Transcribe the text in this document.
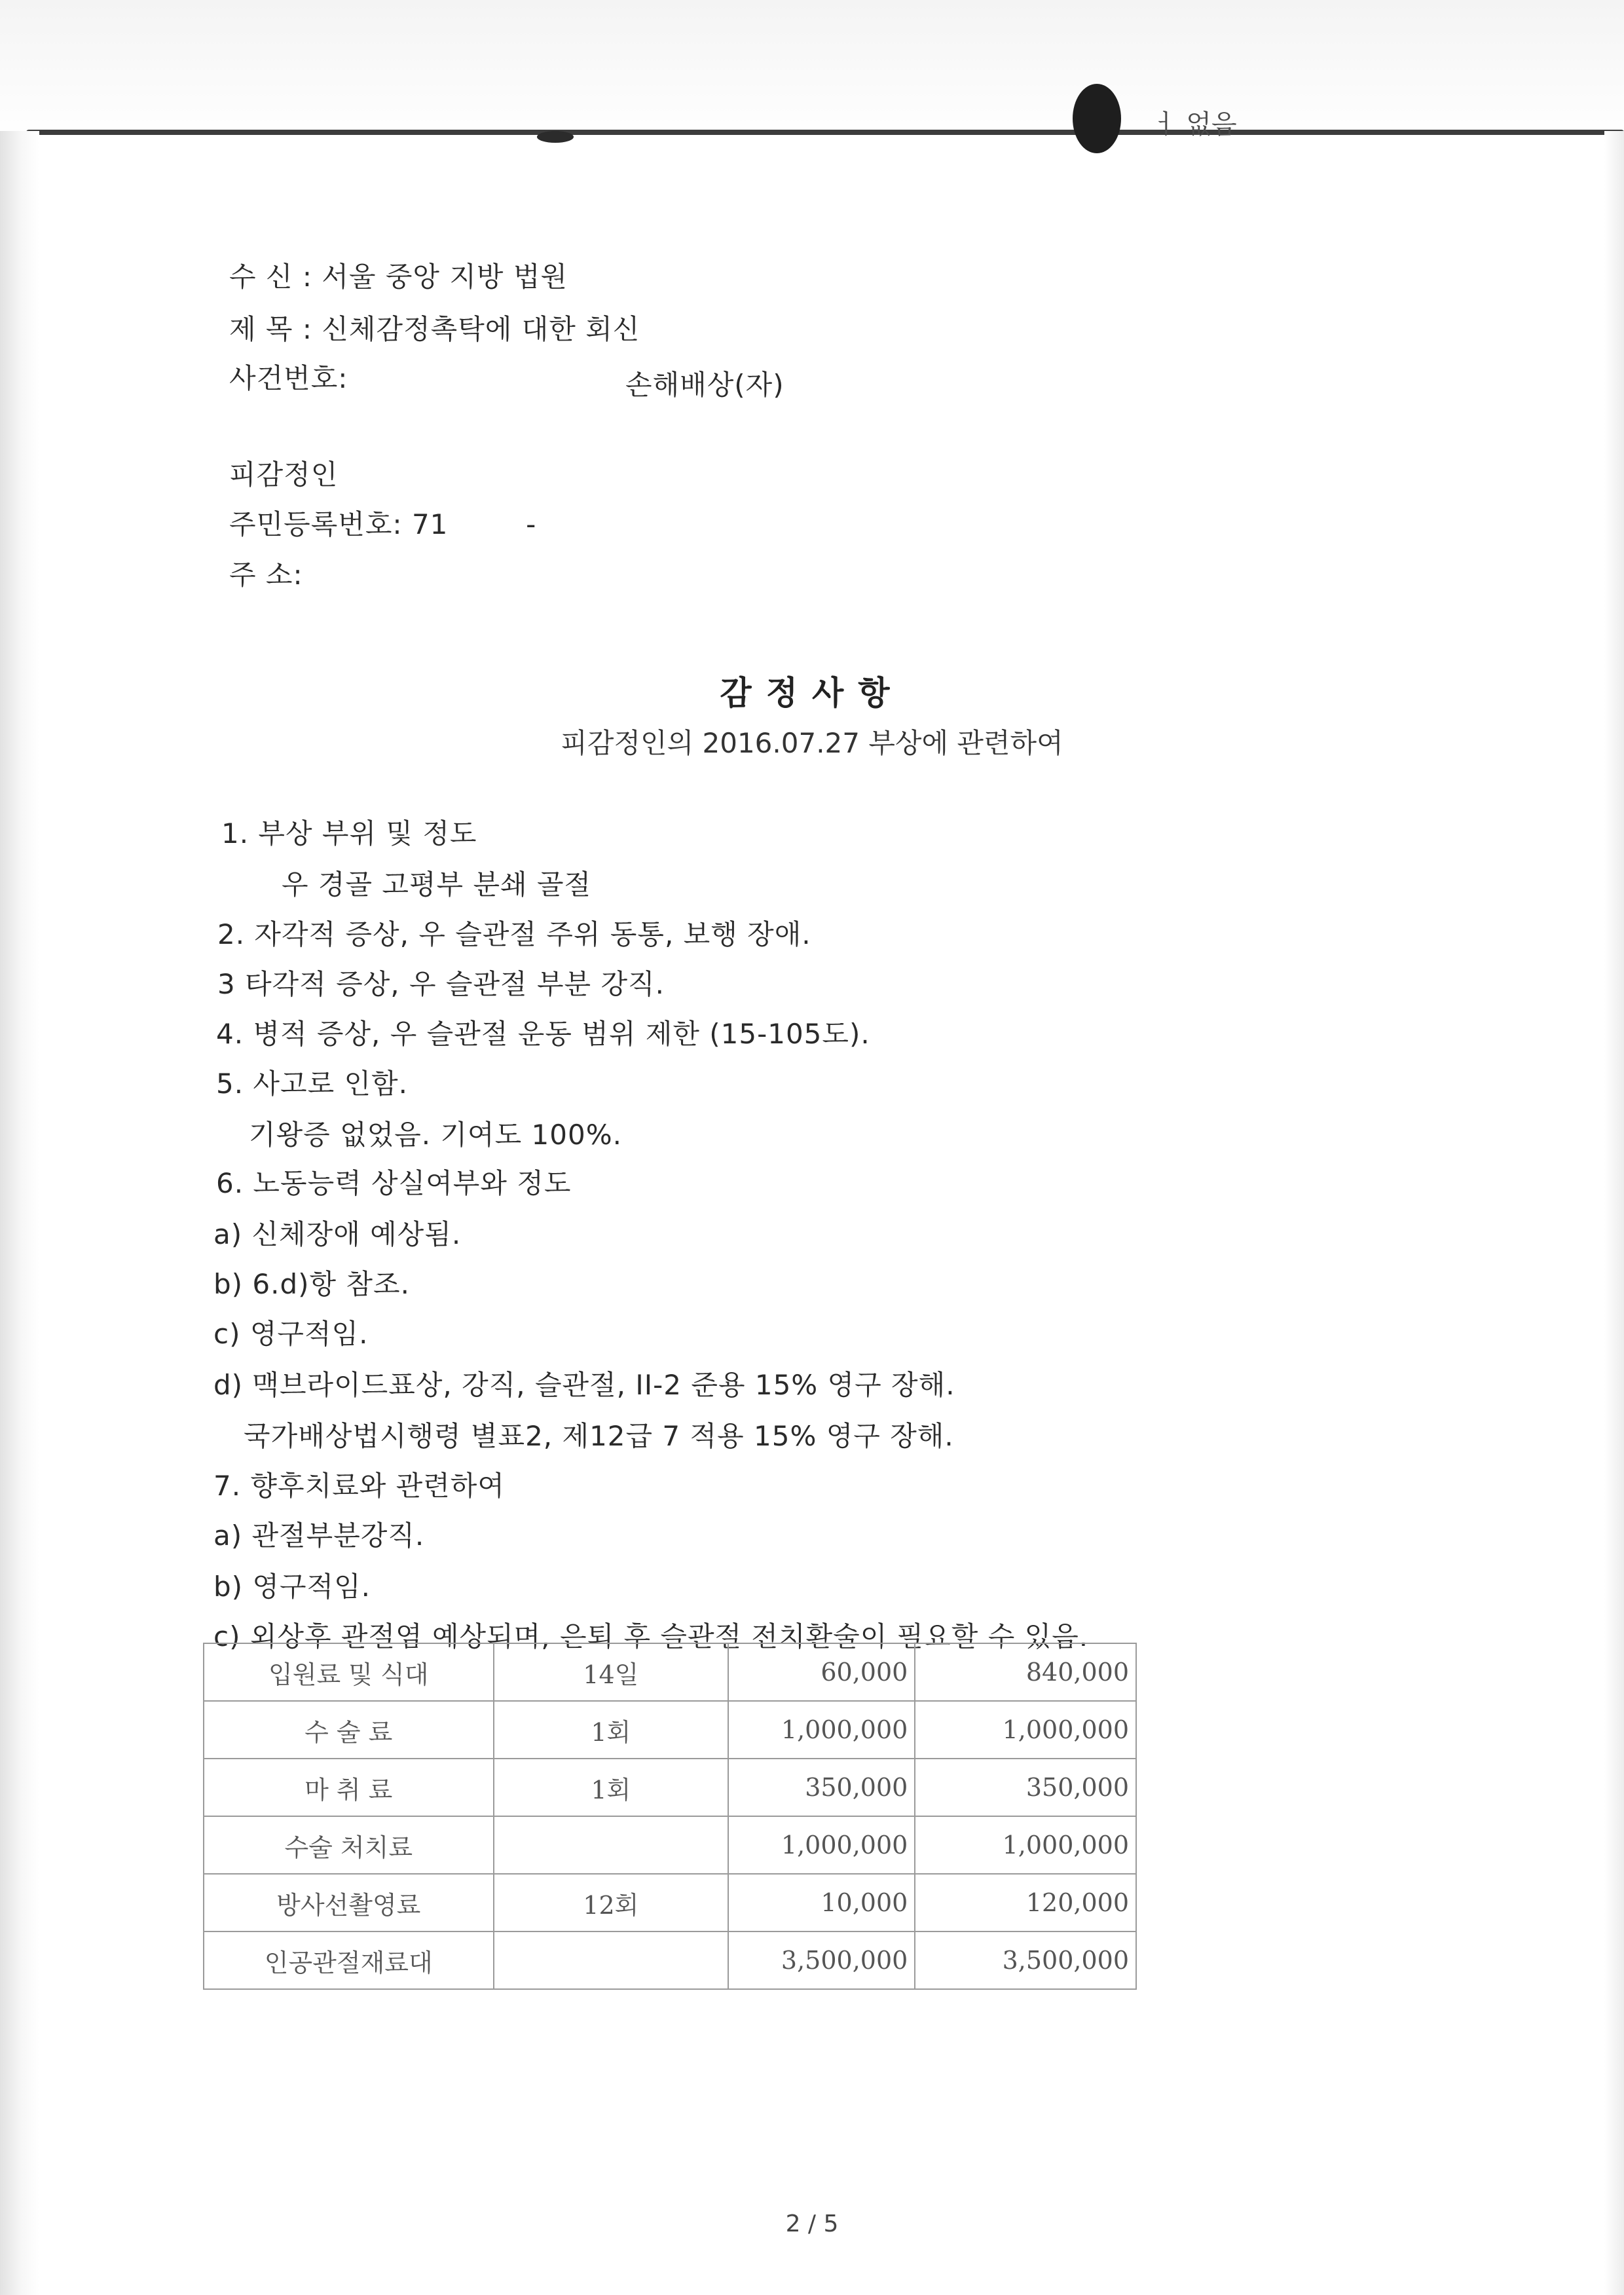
ㅓ 없음
수 신 : 서울 중앙 지방 법원
제 목 : 신체감정촉탁에 대한 회신
사건번호:	손해배상(자)
피감정인
주민등록번호: 71	-
주 소:
감정사항
피감정인의 2016.07.27 부상에 관련하여
1. 부상 부위 및 정도
우 경골 고평부 분쇄 골절
2. 자각적 증상, 우 슬관절 주위 동통, 보행 장애.
3 타각적 증상, 우 슬관절 부분 강직.
4. 병적 증상, 우 슬관절 운동 범위 제한 (15-105도).
5. 사고로 인함.
기왕증 없었음. 기여도 100%.
6. 노동능력 상실여부와 정도
a) 신체장애 예상됨.
b) 6.d)항 참조.
c) 영구적임.
d) 맥브라이드표상, 강직, 슬관절, II-2 준용 15% 영구 장해.
국가배상법시행령 별표2, 제12급 7 적용 15% 영구 장해.
7. 향후치료와 관련하여
a) 관절부분강직.
b) 영구적임.
c) 외상후 관절염 예상되며, 은퇴 후 슬관절 전치환술이 필요할 수 있음.
입원료 및 식대	14일	60,000	840,000
수 술 료	1회	1,000,000	1,000,000
마 취 료	1회	350,000	350,000
수술 처치료		1,000,000	1,000,000
방사선촬영료	12회	10,000	120,000
인공관절재료대		3,500,000	3,500,000
2 / 5
